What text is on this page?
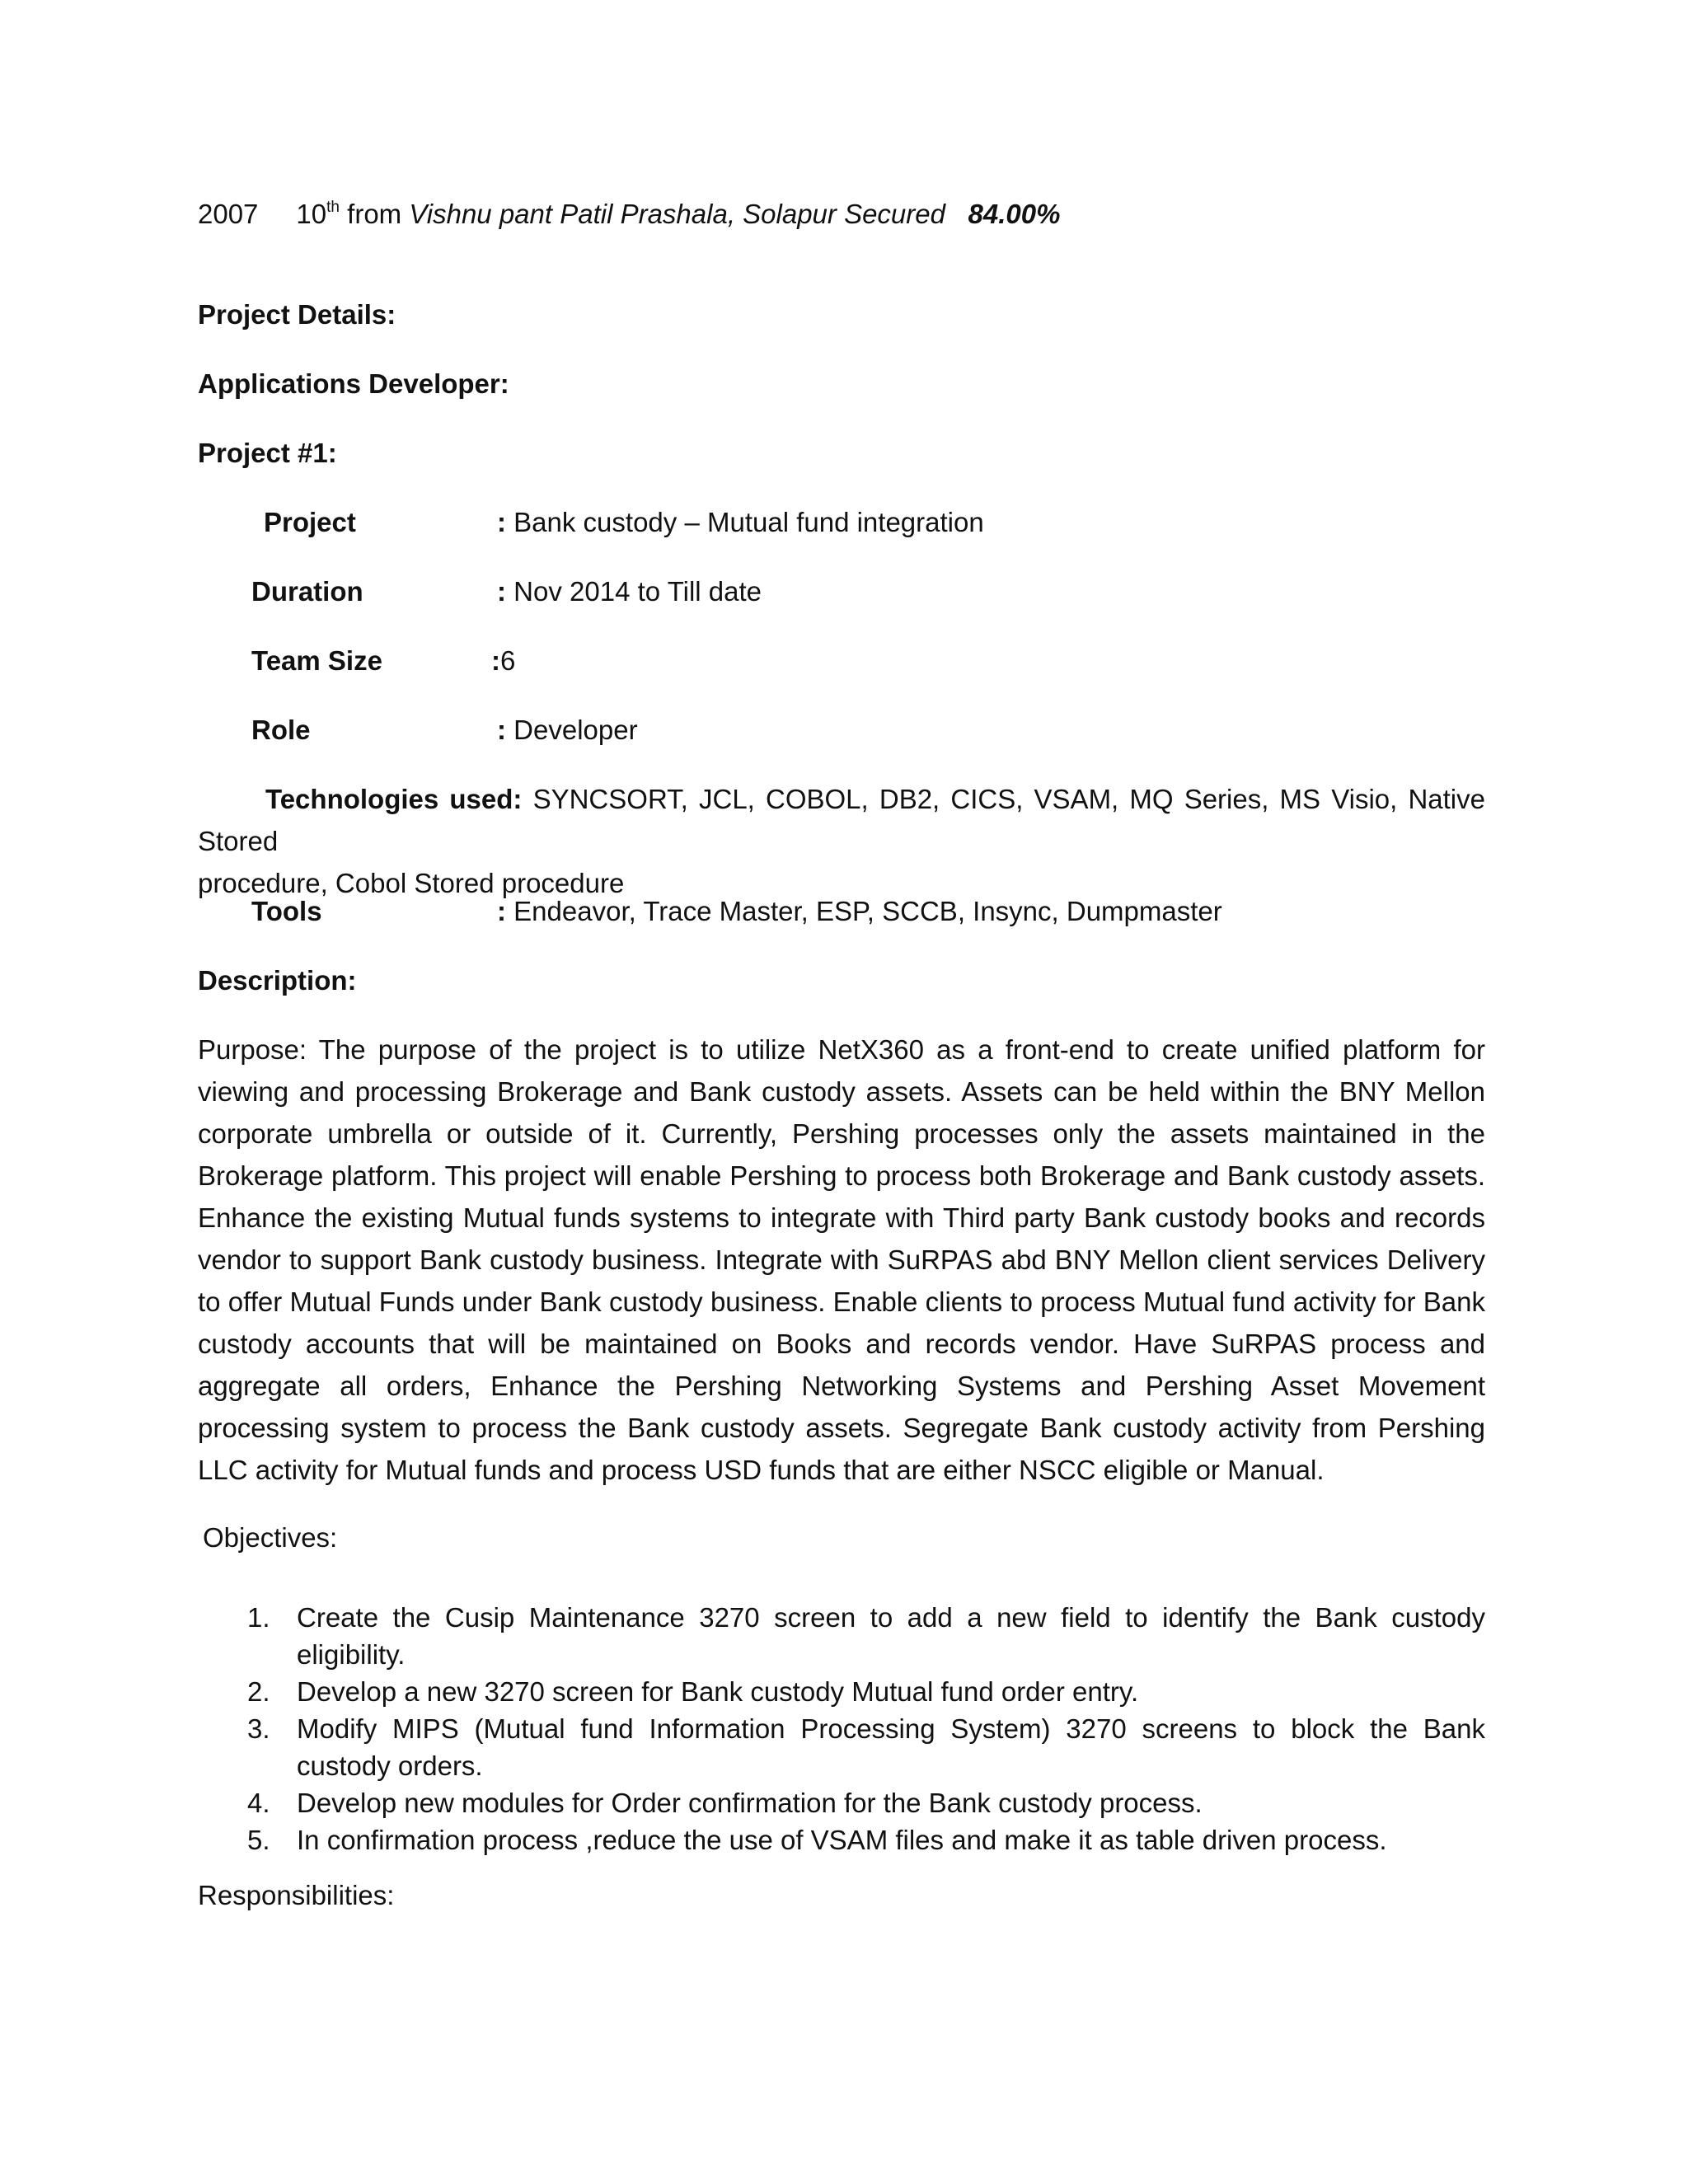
2007 10th from Vishnu pant Patil Prashala, Solapur Secured 84.00%
Project Details:
Applications Developer:
Project #1:
Project	: Bank custody – Mutual fund integration
Duration	: Nov 2014 to Till date
Team Size	:6
Role	: Developer
Technologies used: SYNCSORT, JCL, COBOL, DB2, CICS, VSAM, MQ Series, MS Visio, Native Stored
procedure, Cobol Stored procedure
Tools	: Endeavor, Trace Master, ESP, SCCB, Insync, Dumpmaster
Description:
Purpose: The purpose of the project is to utilize NetX360 as a front-end to create unified platform for viewing and processing Brokerage and Bank custody assets. Assets can be held within the BNY Mellon corporate umbrella or outside of it. Currently, Pershing processes only the assets maintained in the Brokerage platform. This project will enable Pershing to process both Brokerage and Bank custody assets. Enhance the existing Mutual funds systems to integrate with Third party Bank custody books and records vendor to support Bank custody business. Integrate with SuRPAS abd BNY Mellon client services Delivery to offer Mutual Funds under Bank custody business. Enable clients to process Mutual fund activity for Bank custody accounts that will be maintained on Books and records vendor. Have SuRPAS process and aggregate all orders, Enhance the Pershing Networking Systems and Pershing Asset Movement processing system to process the Bank custody assets. Segregate Bank custody activity from Pershing LLC activity for Mutual funds and process USD funds that are either NSCC eligible or Manual.
Objectives:
1. Create the Cusip Maintenance 3270 screen to add a new field to identify the Bank custody eligibility.
2. Develop a new 3270 screen for Bank custody Mutual fund order entry.
3. Modify MIPS (Mutual fund Information Processing System) 3270 screens to block the Bank custody orders.
4. Develop new modules for Order confirmation for the Bank custody process.
5. In confirmation process ,reduce the use of VSAM files and make it as table driven process.
Responsibilities:
